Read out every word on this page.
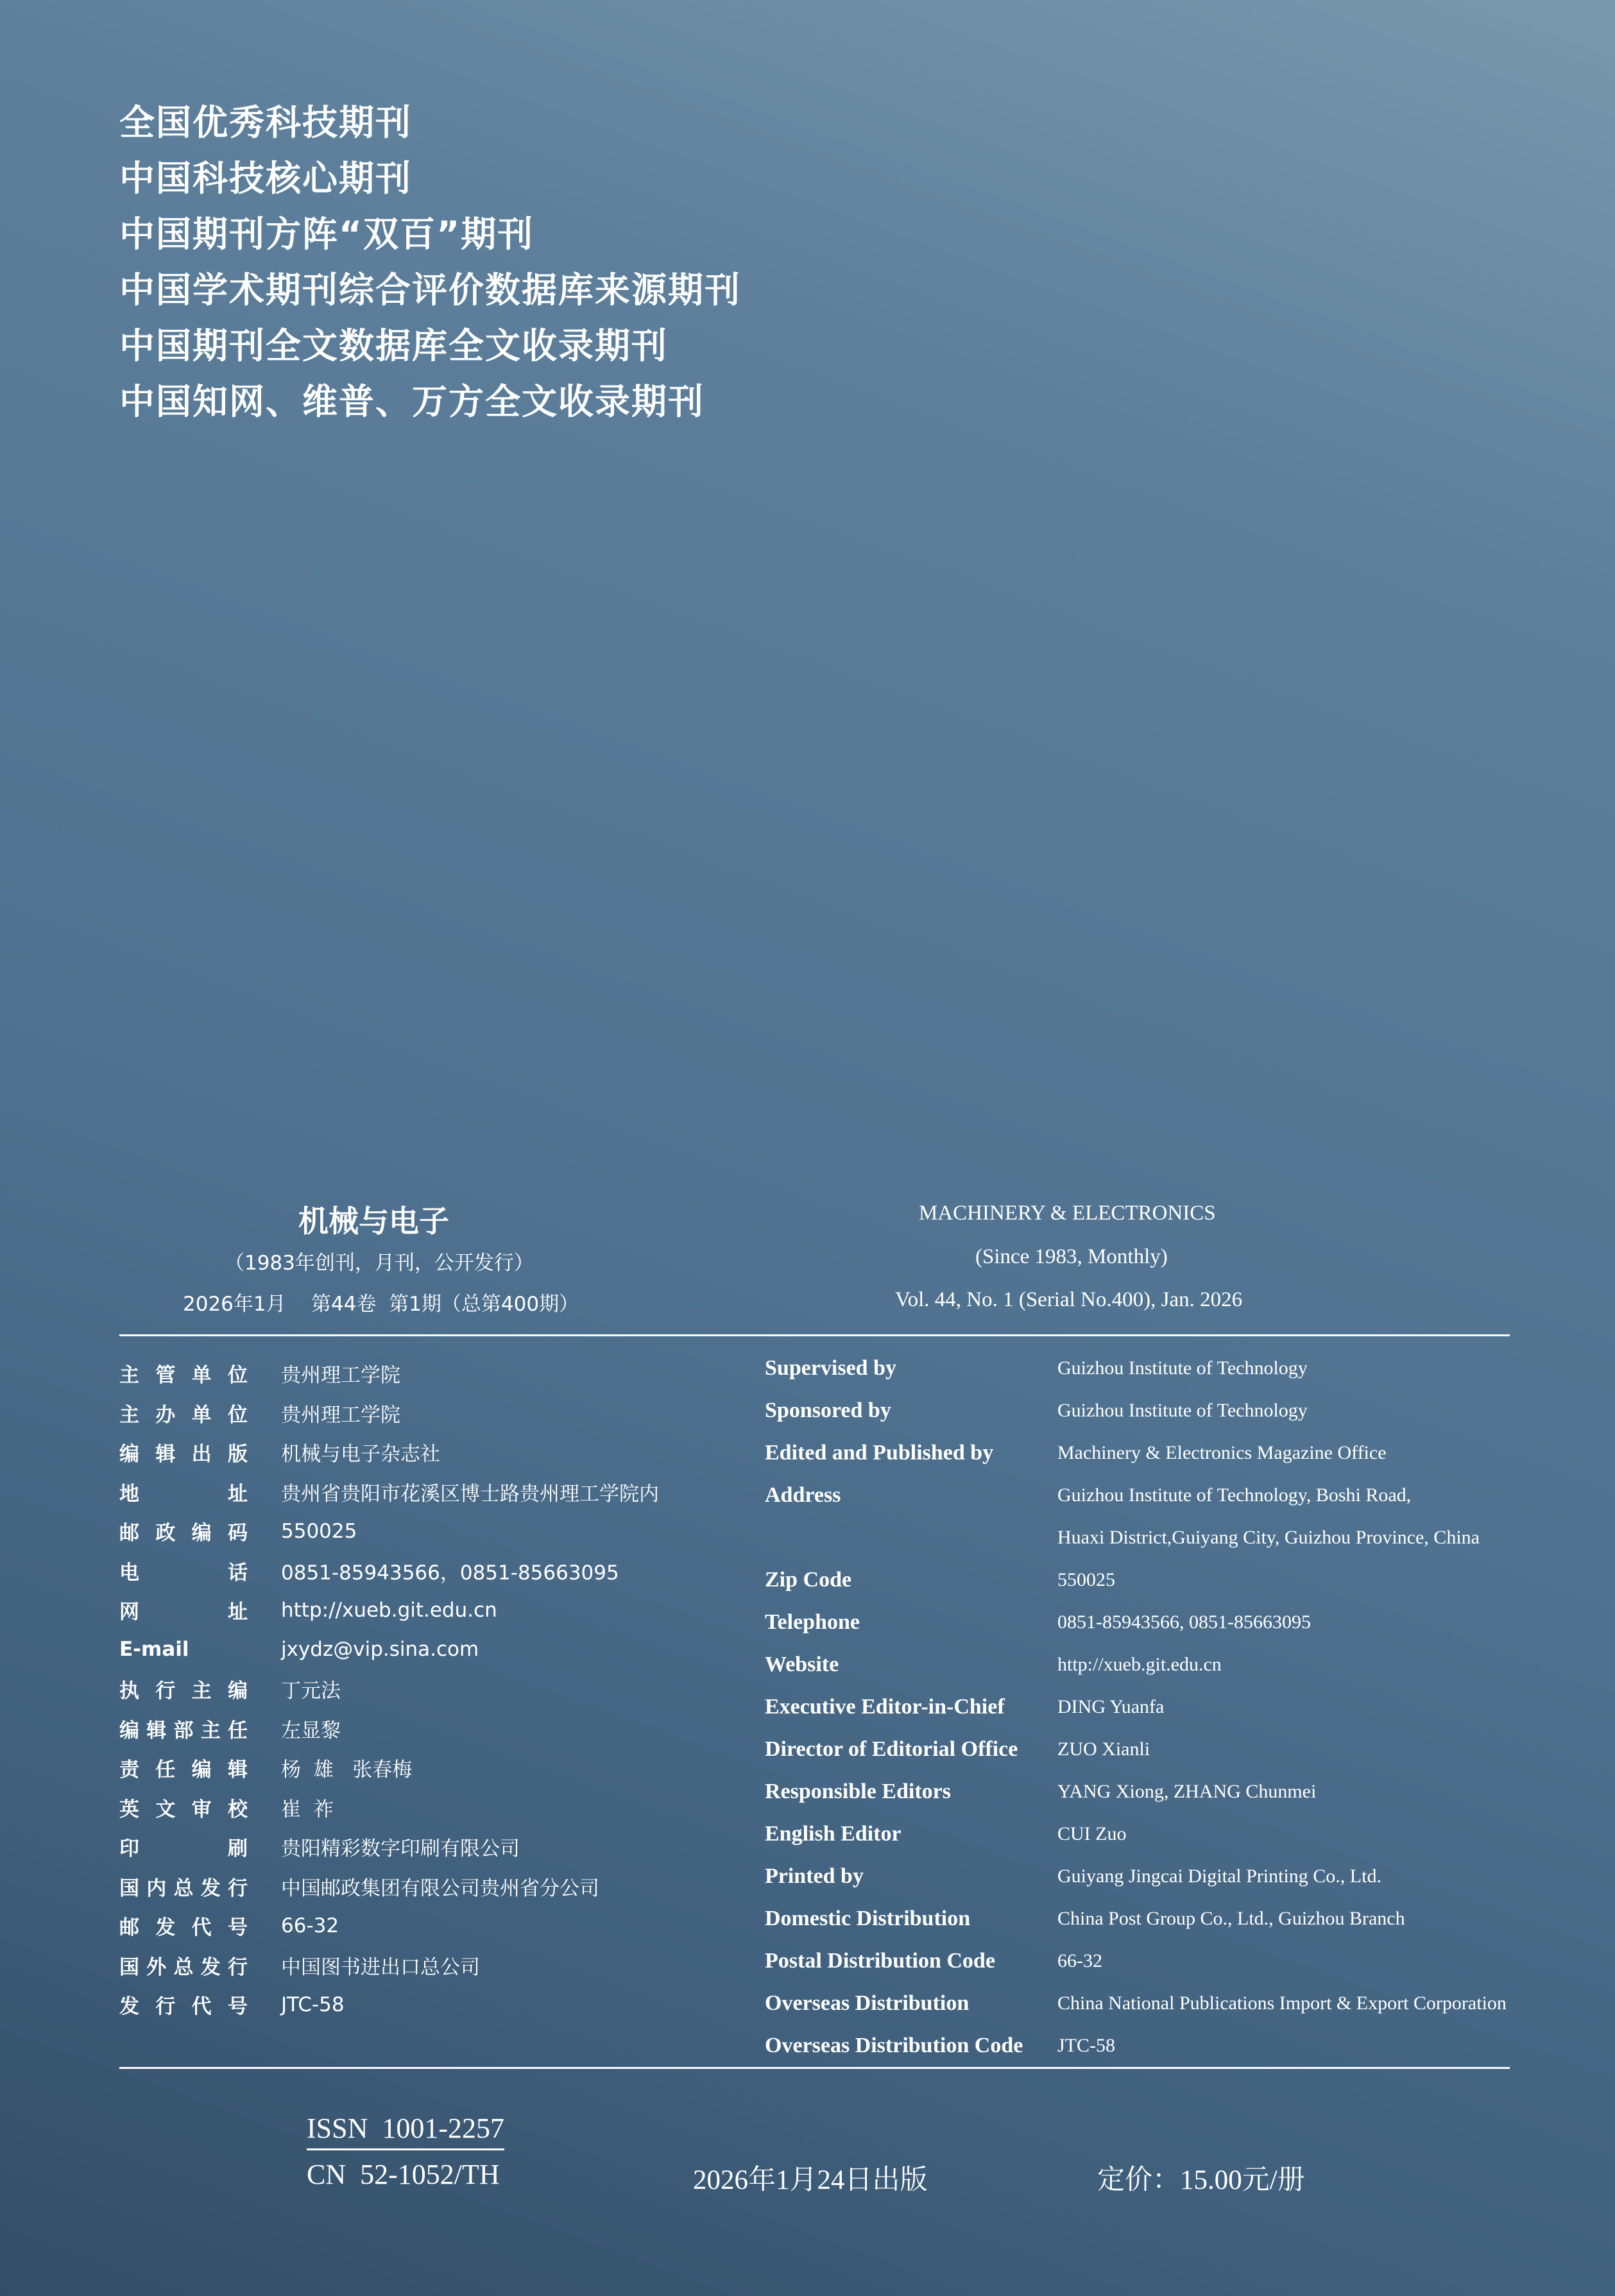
全国优秀科技期刊
中国科技核心期刊
中国期刊方阵“双百”期刊
中国学术期刊综合评价数据库来源期刊
中国期刊全文数据库全文收录期刊
中国知网、维普、万方全文收录期刊
机械与电子
（1983年创刊，月刊，公开发行）
2026年1月    第44卷  第1期（总第400期）
MACHINERY & ELECTRONICS
(Since 1983, Monthly)
Vol. 44, No. 1 (Serial No.400), Jan. 2026
主管单位 贵州理工学院
主办单位 贵州理工学院
编辑出版 机械与电子杂志社
地址 贵州省贵阳市花溪区博士路贵州理工学院内
邮政编码 550025
电话 0851-85943566，0851-85663095
网址 http://xueb.git.edu.cn
E-mail	jxydz@vip.sina.com
执行主编 丁元法
编辑部主任 左显黎
责任编辑 杨  雄   张春梅
英文审校 崔  祚
印刷 贵阳精彩数字印刷有限公司
国内总发行 中国邮政集团有限公司贵州省分公司
邮发代号 66-32
国外总发行 中国图书进出口总公司
发行代号 JTC-58
Supervised by	Guizhou Institute of Technology
Sponsored by	Guizhou Institute of Technology
Edited and Published by	Machinery & Electronics Magazine Office
Address	Guizhou Institute of Technology, Boshi Road,
Huaxi District,Guiyang City, Guizhou Province, China
Zip Code	550025
Telephone	0851-85943566, 0851-85663095
Website	http://xueb.git.edu.cn
Executive Editor-in-Chief	DING Yuanfa
Director of Editorial Office	ZUO Xianli
Responsible Editors	YANG Xiong, ZHANG Chunmei
English Editor	CUI Zuo
Printed by	Guiyang Jingcai Digital Printing Co., Ltd.
Domestic Distribution	China Post Group Co., Ltd., Guizhou Branch
Postal Distribution Code	66-32
Overseas Distribution	China National Publications Import & Export Corporation
Overseas Distribution Code	JTC-58
ISSN  1001-2257
CN  52-1052/TH	2026年1月24日出版	定价：15.00元/册
